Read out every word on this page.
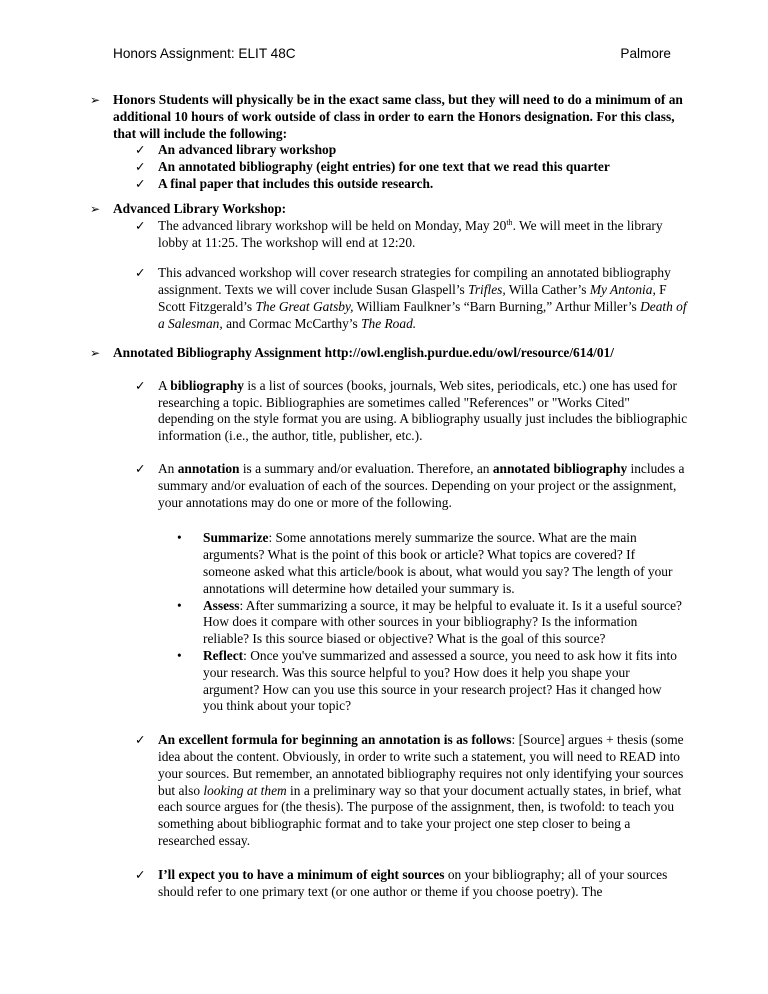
Honors Assignment: ELIT 48C	Palmore
➢ Honors Students will physically be in the exact same class, but they will need to do a minimum of an additional 10 hours of work outside of class in order to earn the Honors designation. For this class, that will include the following:

✓ An advanced library workshop

✓ An annotated bibliography (eight entries) for one text that we read this quarter

✓ A final paper that includes this outside research.

➢ Advanced Library Workshop:

✓ The advanced library workshop will be held on Monday, May 20th. We will meet in the library lobby at 11:25. The workshop will end at 12:20.

✓ This advanced workshop will cover research strategies for compiling an annotated bibliography assignment. Texts we will cover include Susan Glaspell’s Trifles, Willa Cather’s My Antonia, F Scott Fitzgerald’s The Great Gatsby, William Faulkner’s “Barn Burning,” Arthur Miller’s Death of a Salesman, and Cormac McCarthy’s The Road.

➢ Annotated Bibliography Assignment http://owl.english.purdue.edu/owl/resource/614/01/

✓ A bibliography is a list of sources (books, journals, Web sites, periodicals, etc.) one has used for researching a topic. Bibliographies are sometimes called "References" or "Works Cited" depending on the style format you are using. A bibliography usually just includes the bibliographic information (i.e., the author, title, publisher, etc.).

✓ An annotation is a summary and/or evaluation. Therefore, an annotated bibliography includes a summary and/or evaluation of each of the sources. Depending on your project or the assignment, your annotations may do one or more of the following.

• Summarize: Some annotations merely summarize the source. What are the main arguments? What is the point of this book or article? What topics are covered? If someone asked what this article/book is about, what would you say? The length of your annotations will determine how detailed your summary is.

• Assess: After summarizing a source, it may be helpful to evaluate it. Is it a useful source? How does it compare with other sources in your bibliography? Is the information reliable? Is this source biased or objective? What is the goal of this source?

• Reflect: Once you've summarized and assessed a source, you need to ask how it fits into your research. Was this source helpful to you? How does it help you shape your argument? How can you use this source in your research project? Has it changed how you think about your topic?

✓ An excellent formula for beginning an annotation is as follows: [Source] argues + thesis (some idea about the content. Obviously, in order to write such a statement, you will need to READ into your sources. But remember, an annotated bibliography requires not only identifying your sources but also looking at them in a preliminary way so that your document actually states, in brief, what each source argues for (the thesis). The purpose of the assignment, then, is twofold: to teach you something about bibliographic format and to take your project one step closer to being a researched essay.

✓ I’ll expect you to have a minimum of eight sources on your bibliography; all of your sources should refer to one primary text (or one author or theme if you choose poetry). The
